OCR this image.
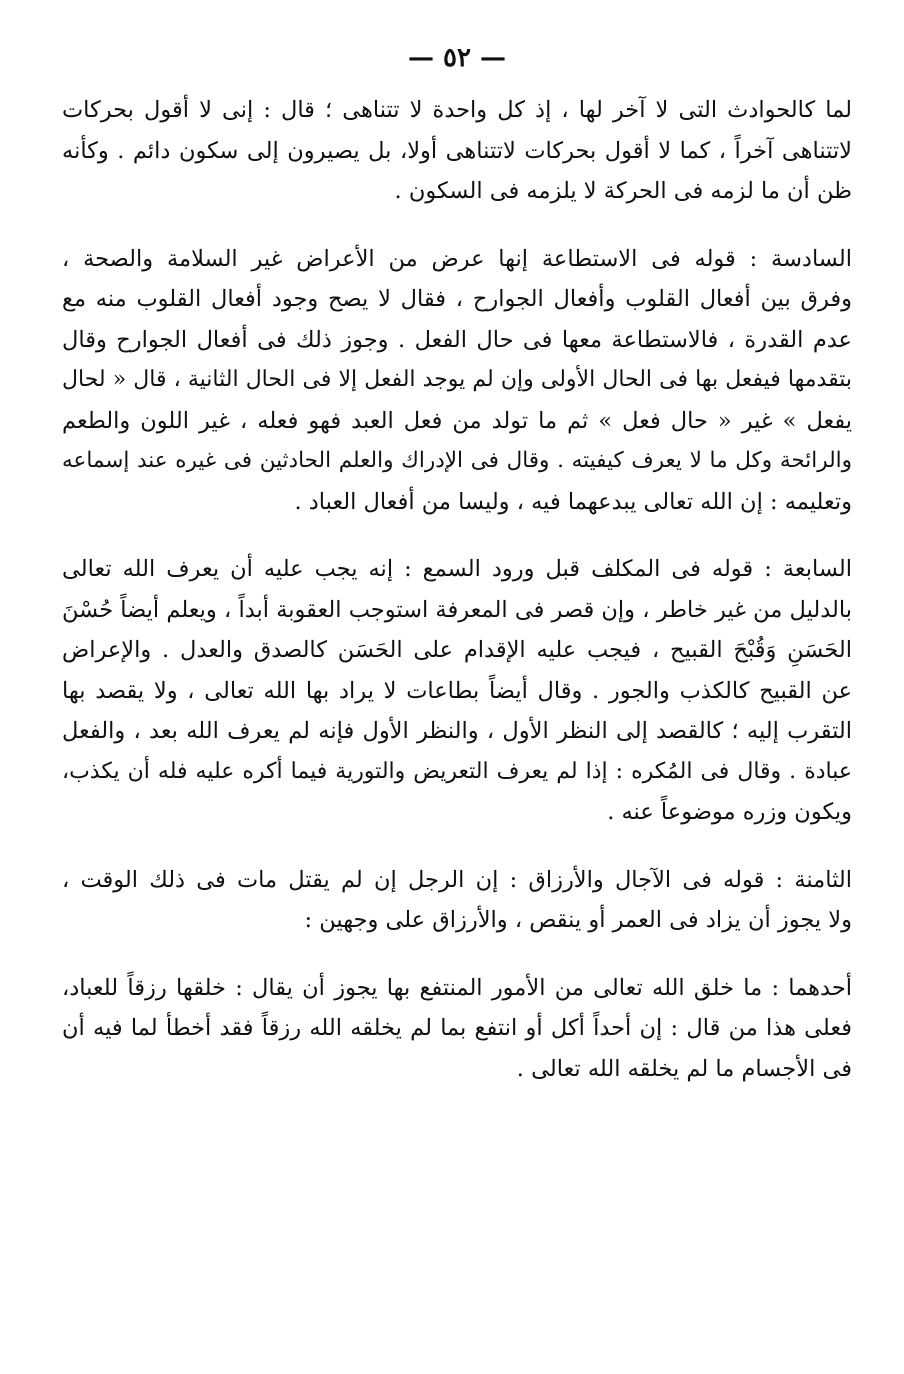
— ٥٢ —

لما كالحوادث التى لا آخر لها ، إذ كل واحدة لا تتناهى ؛ قال : إنى لا أقول بحركات
لاتتناهى آخراً ، كما لا أقول بحركات لاتتناهى أولا، بل يصيرون إلى سكون دائم . وكأنه
ظن أن ما لزمه فى الحركة لا يلزمه فى السكون .

السادسة : قوله فى الاستطاعة إنها عرض من الأعراض غير السلامة والصحة ،
وفرق بين أفعال القلوب وأفعال الجوارح ، فقال لا يصح وجود أفعال القلوب منه مع
عدم القدرة ، فالاستطاعة معها فى حال الفعل . وجوز ذلك فى أفعال الجوارح وقال
بتقدمها فيفعل بها فى الحال الأولى وإن لم يوجد الفعل إلا فى الحال الثانية ، قال « لحال
يفعل » غير « حال فعل » ثم ما تولد من فعل العبد فهو فعله ، غير اللون والطعم
والرائحة وكل ما لا يعرف كيفيته . وقال فى الإدراك والعلم الحادثين فى غيره عند إسماعه
وتعليمه : إن الله تعالى يبدعهما فيه ، وليسا من أفعال العباد .

السابعة : قوله فى المكلف قبل ورود السمع : إنه يجب عليه أن يعرف الله تعالى
بالدليل من غير خاطر ، وإن قصر فى المعرفة استوجب العقوبة أبداً ، ويعلم أيضاً حُسْنَ
الحَسَنِ وَقُبْحَ القبيح ، فيجب عليه الإقدام على الحَسَن كالصدق والعدل . والإعراض
عن القبيح كالكذب والجور . وقال أيضاً بطاعات لا يراد بها الله تعالى ، ولا يقصد بها
التقرب إليه ؛ كالقصد إلى النظر الأول ، والنظر الأول فإنه لم يعرف الله بعد ، والفعل
عبادة . وقال فى المُكره : إذا لم يعرف التعريض والتورية فيما أكره عليه فله أن يكذب،
ويكون وزره موضوعاً عنه .

الثامنة : قوله فى الآجال والأرزاق : إن الرجل إن لم يقتل مات فى ذلك الوقت ،
ولا يجوز أن يزاد فى العمر أو ينقص ، والأرزاق على وجهين :

أحدهما : ما خلق الله تعالى من الأمور المنتفع بها يجوز أن يقال : خلقها رزقاً للعباد،
فعلى هذا من قال : إن أحداً أكل أو انتفع بما لم يخلقه الله رزقاً فقد أخطأ لما فيه أن
فى الأجسام ما لم يخلقه الله تعالى .
